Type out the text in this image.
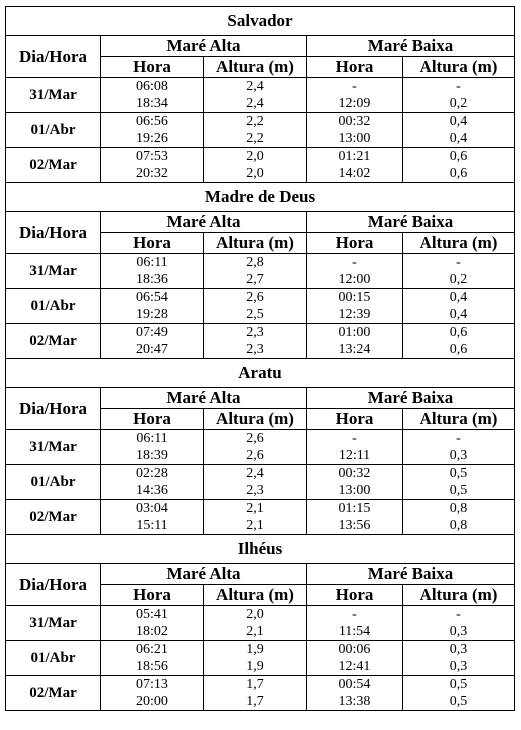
Salvador				
Dia/Hora	Maré Alta		Maré Baixa	
	Hora	Altura (m)	Hora	Altura (m)
31/Mar	06:08	2,4	-	-
	18:34	2,4	12:09	0,2
01/Abr	06:56	2,2	00:32	0,4
	19:26	2,2	13:00	0,4
02/Mar	07:53	2,0	01:21	0,6
	20:32	2,0	14:02	0,6
Madre de Deus				
Dia/Hora	Maré Alta		Maré Baixa	
	Hora	Altura (m)	Hora	Altura (m)
31/Mar	06:11	2,8	-	-
	18:36	2,7	12:00	0,2
01/Abr	06:54	2,6	00:15	0,4
	19:28	2,5	12:39	0,4
02/Mar	07:49	2,3	01:00	0,6
	20:47	2,3	13:24	0,6
Aratu				
Dia/Hora	Maré Alta		Maré Baixa	
	Hora	Altura (m)	Hora	Altura (m)
31/Mar	06:11	2,6	-	-
	18:39	2,6	12:11	0,3
01/Abr	02:28	2,4	00:32	0,5
	14:36	2,3	13:00	0,5
02/Mar	03:04	2,1	01:15	0,8
	15:11	2,1	13:56	0,8
Ilhéus				
Dia/Hora	Maré Alta		Maré Baixa	
	Hora	Altura (m)	Hora	Altura (m)
31/Mar	05:41	2,0	-	-
	18:02	2,1	11:54	0,3
01/Abr	06:21	1,9	00:06	0,3
	18:56	1,9	12:41	0,3
02/Mar	07:13	1,7	00:54	0,5
	20:00	1,7	13:38	0,5
